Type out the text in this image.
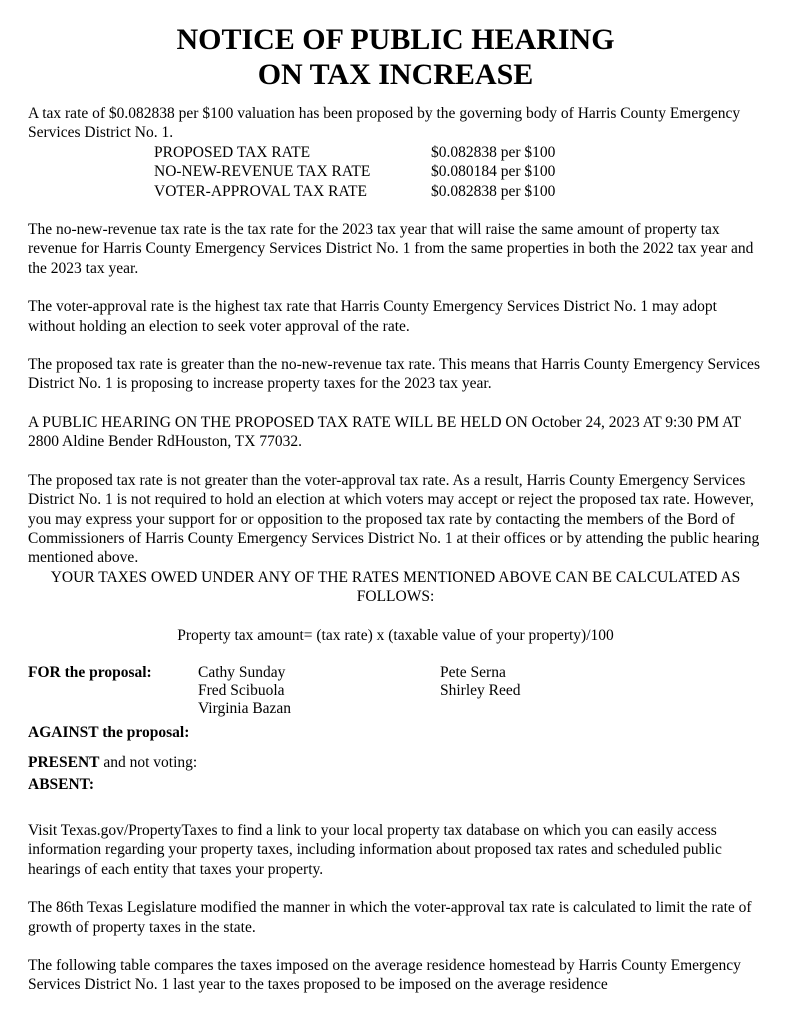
NOTICE OF PUBLIC HEARING
ON TAX INCREASE

A tax rate of $0.082838 per $100 valuation has been proposed by the governing body of Harris County Emergency Services District No. 1.

PROPOSED TAX RATE	$0.082838 per $100
NO-NEW-REVENUE TAX RATE	$0.080184 per $100
VOTER-APPROVAL TAX RATE	$0.082838 per $100

The no-new-revenue tax rate is the tax rate for the 2023 tax year that will raise the same amount of property tax revenue for Harris County Emergency Services District No. 1 from the same properties in both the 2022 tax year and the 2023 tax year.

The voter-approval rate is the highest tax rate that Harris County Emergency Services District No. 1 may adopt without holding an election to seek voter approval of the rate.

The proposed tax rate is greater than the no-new-revenue tax rate. This means that Harris County Emergency Services District No. 1 is proposing to increase property taxes for the 2023 tax year.

A PUBLIC HEARING ON THE PROPOSED TAX RATE WILL BE HELD ON October 24, 2023 AT 9:30 PM AT 2800 Aldine Bender RdHouston, TX 77032.

The proposed tax rate is not greater than the voter-approval tax rate. As a result, Harris County Emergency Services District No. 1 is not required to hold an election at which voters may accept or reject the proposed tax rate. However, you may express your support for or opposition to the proposed tax rate by contacting the members of the Bord of Commissioners of Harris County Emergency Services District No. 1 at their offices or by attending the public hearing mentioned above.

YOUR TAXES OWED UNDER ANY OF THE RATES MENTIONED ABOVE CAN BE CALCULATED AS FOLLOWS:

Property tax amount= (tax rate) x (taxable value of your property)/100

FOR the proposal:	Cathy Sunday
Fred Scibuola
Virginia Bazan
Pete Serna
Shirley Reed
AGAINST the proposal:
PRESENT and not voting:
ABSENT:

Visit Texas.gov/PropertyTaxes to find a link to your local property tax database on which you can easily access information regarding your property taxes, including information about proposed tax rates and scheduled public hearings of each entity that taxes your property.

The 86th Texas Legislature modified the manner in which the voter-approval tax rate is calculated to limit the rate of growth of property taxes in the state.

The following table compares the taxes imposed on the average residence homestead by Harris County Emergency Services District No. 1 last year to the taxes proposed to be imposed on the average residence
